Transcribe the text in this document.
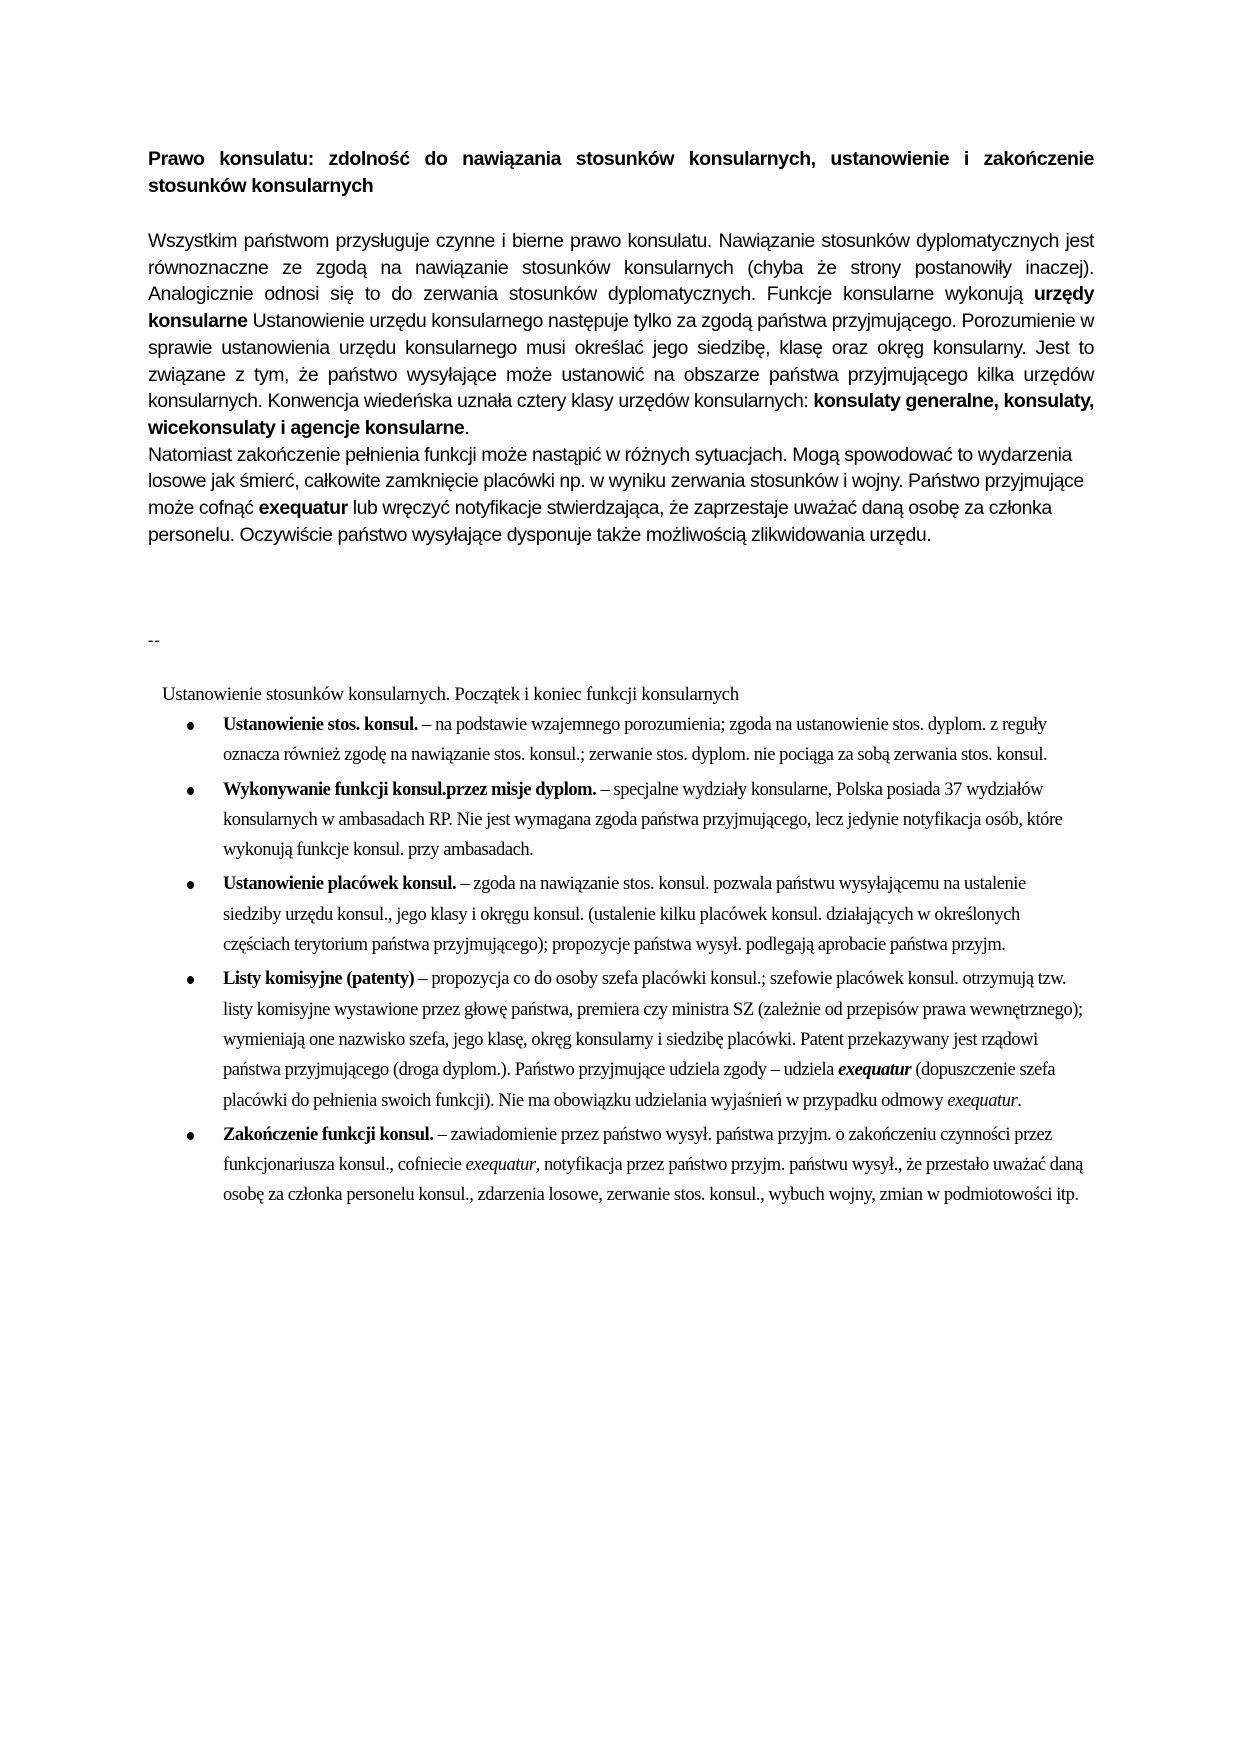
Prawo konsulatu: zdolność do nawiązania stosunków konsularnych, ustanowienie i zakończenie stosunków konsularnych

Wszystkim państwom przysługuje czynne i bierne prawo konsulatu. Nawiązanie stosunków dyplomatycznych jest równoznaczne ze zgodą na nawiązanie stosunków konsularnych (chyba że strony postanowiły inaczej). Analogicznie odnosi się to do zerwania stosunków dyplomatycznych. Funkcje konsularne wykonują urzędy konsularne Ustanowienie urzędu konsularnego następuje tylko za zgodą państwa przyjmującego. Porozumienie w sprawie ustanowienia urzędu konsularnego musi określać jego siedzibę, klasę oraz okręg konsularny. Jest to związane z tym, że państwo wysyłające może ustanowić na obszarze państwa przyjmującego kilka urzędów konsularnych. Konwencja wiedeńska uznała cztery klasy urzędów konsularnych: konsulaty generalne, konsulaty, wicekonsulaty i agencje konsularne.

Natomiast zakończenie pełnienia funkcji może nastąpić w różnych sytuacjach. Mogą spowodować to wydarzenia losowe jak śmierć, całkowite zamknięcie placówki np. w wyniku zerwania stosunków i wojny. Państwo przyjmujące może cofnąć exequatur lub wręczyć notyfikacje stwierdzająca, że zaprzestaje uważać daną osobę za członka personelu. Oczywiście państwo wysyłające dysponuje także możliwością zlikwidowania urzędu.

--
Ustanowienie stosunków konsularnych. Początek i koniec funkcji konsularnych
Ustanowienie stos. konsul. – na podstawie wzajemnego porozumienia; zgoda na ustanowienie stos. dyplom. z reguły oznacza również zgodę na nawiązanie stos. konsul.; zerwanie stos. dyplom. nie pociąga za sobą zerwania stos. konsul.
Wykonywanie funkcji konsul.przez misje dyplom. – specjalne wydziały konsularne, Polska posiada 37 wydziałów konsularnych w ambasadach RP. Nie jest wymagana zgoda państwa przyjmującego, lecz jedynie notyfikacja osób, które wykonują funkcje konsul. przy ambasadach.
Ustanowienie placówek konsul. – zgoda na nawiązanie stos. konsul. pozwala państwu wysyłającemu na ustalenie siedziby urzędu konsul., jego klasy i okręgu konsul. (ustalenie kilku placówek konsul. działających w określonych częściach terytorium państwa przyjmującego); propozycje państwa wysył. podlegają aprobacie państwa przyjm.
Listy komisyjne (patenty) – propozycja co do osoby szefa placówki konsul.; szefowie placówek konsul. otrzymują tzw. listy komisyjne wystawione przez głowę państwa, premiera czy ministra SZ (zależnie od przepisów prawa wewnętrznego); wymieniają one nazwisko szefa, jego klasę, okręg konsularny i siedzibę placówki. Patent przekazywany jest rządowi państwa przyjmującego (droga dyplom.). Państwo przyjmujące udziela zgody – udziela exequatur (dopuszczenie szefa placówki do pełnienia swoich funkcji). Nie ma obowiązku udzielania wyjaśnień w przypadku odmowy exequatur.
Zakończenie funkcji konsul. – zawiadomienie przez państwo wysył. państwa przyjm. o zakończeniu czynności przez funkcjonariusza konsul., cofniecie exequatur, notyfikacja przez państwo przyjm. państwu wysył., że przestało uważać daną osobę za członka personelu konsul., zdarzenia losowe, zerwanie stos. konsul., wybuch wojny, zmian w podmiotowości itp.
